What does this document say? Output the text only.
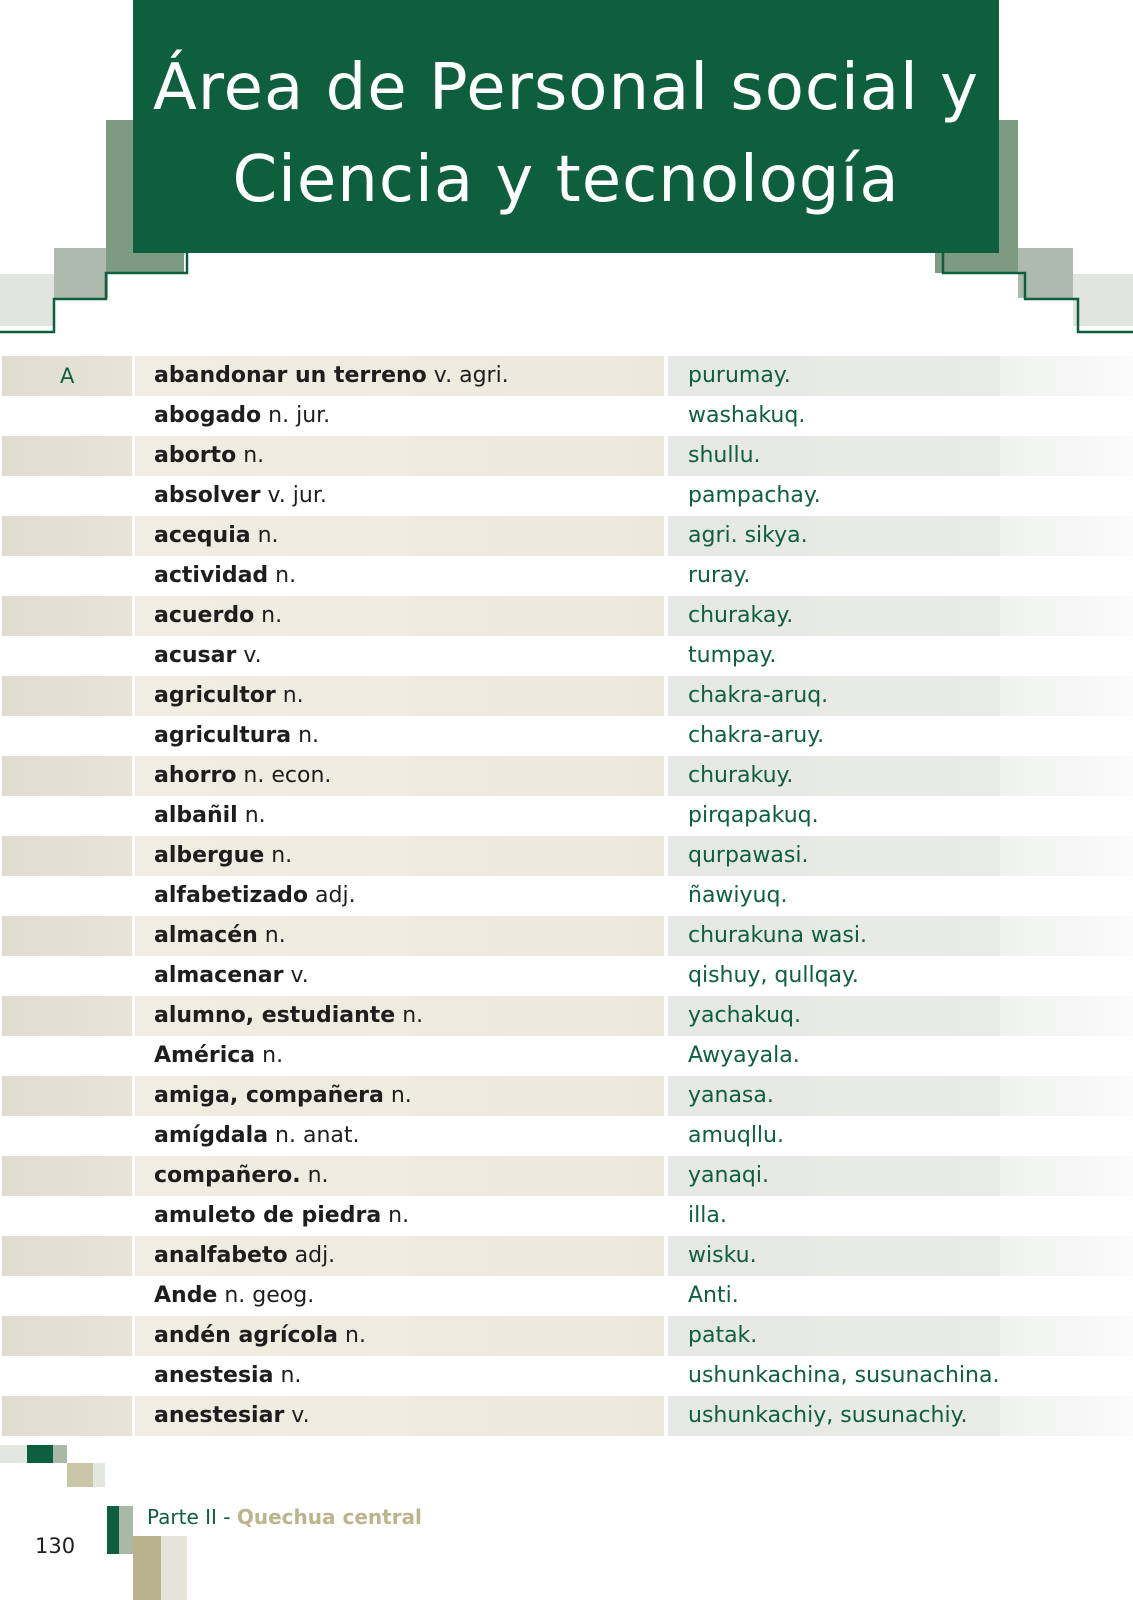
Área de Personal social y
Ciencia y tecnología
A	abandonar un terreno v. agri.	purumay.
abogado n. jur.	washakuq.
aborto n.	shullu.
absolver v. jur.	pampachay.
acequia n.	agri. sikya.
actividad n.	ruray.
acuerdo n.	churakay.
acusar v.	tumpay.
agricultor n.	chakra-aruq.
agricultura n.	chakra-aruy.
ahorro n. econ.	churakuy.
albañil n.	pirqapakuq.
albergue n.	qurpawasi.
alfabetizado adj.	ñawiyuq.
almacén n.	churakuna wasi.
almacenar v.	qishuy, qullqay.
alumno, estudiante n.	yachakuq.
América n.	Awyayala.
amiga, compañera n.	yanasa.
amígdala n. anat.	amuqllu.
compañero. n.	yanaqi.
amuleto de piedra n.	illa.
analfabeto adj.	wisku.
Ande n. geog.	Anti.
andén agrícola n.	patak.
anestesia n.	ushunkachina, susunachina.
anestesiar v.	ushunkachiy, susunachiy.
Parte II - Quechua central
130
